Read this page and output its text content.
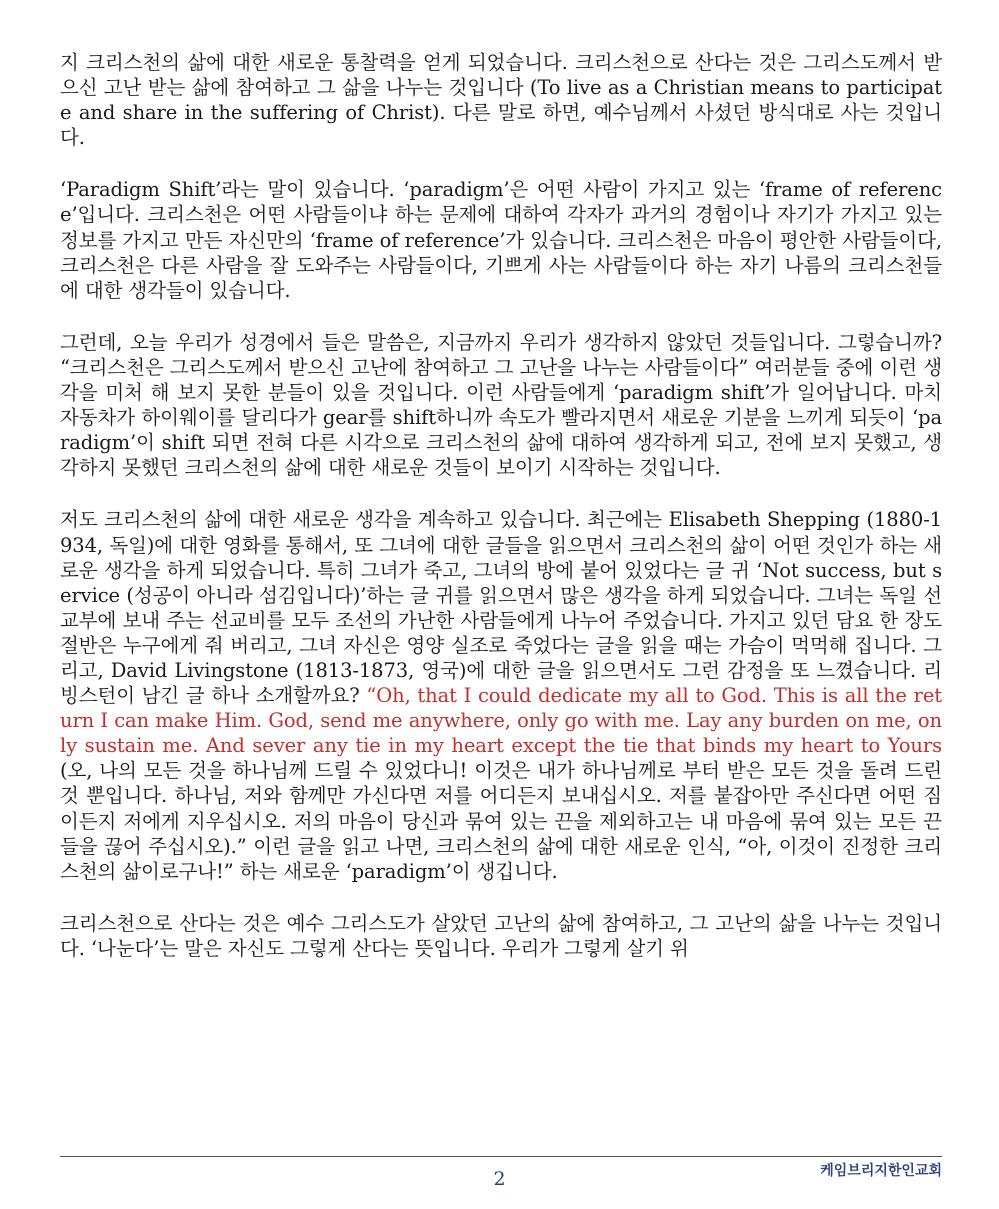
지 크리스천의 삶에 대한 새로운 통찰력을 얻게 되었습니다. 크리스천으로 산다는 것은 그리스도께서 받으신 고난 받는 삶에 참여하고 그 삶을 나누는 것입니다 (To live as a Christian means to participate and share in the suffering of Christ). 다른 말로 하면, 예수님께서 사셨던 방식대로 사는 것입니다.

‘Paradigm Shift’라는 말이 있습니다. ‘paradigm’은 어떤 사람이 가지고 있는 ‘frame of reference’입니다. 크리스천은 어떤 사람들이냐 하는 문제에 대하여 각자가 과거의 경험이나 자기가 가지고 있는 정보를 가지고 만든 자신만의 ‘frame of reference’가 있습니다. 크리스천은 마음이 평안한 사람들이다, 크리스천은 다른 사람을 잘 도와주는 사람들이다, 기쁘게 사는 사람들이다 하는 자기 나름의 크리스천들에 대한 생각들이 있습니다.

그런데, 오늘 우리가 성경에서 들은 말씀은, 지금까지 우리가 생각하지 않았던 것들입니다. 그렇습니까? “크리스천은 그리스도께서 받으신 고난에 참여하고 그 고난을 나누는 사람들이다” 여러분들 중에 이런 생각을 미처 해 보지 못한 분들이 있을 것입니다. 이런 사람들에게 ‘paradigm shift’가 일어납니다. 마치 자동차가 하이웨이를 달리다가 gear를 shift하니까 속도가 빨라지면서 새로운 기분을 느끼게 되듯이 ‘paradigm’이 shift 되면 전혀 다른 시각으로 크리스천의 삶에 대하여 생각하게 되고, 전에 보지 못했고, 생각하지 못했던 크리스천의 삶에 대한 새로운 것들이 보이기 시작하는 것입니다.

저도 크리스천의 삶에 대한 새로운 생각을 계속하고 있습니다. 최근에는 Elisabeth Shepping (1880-1934, 독일)에 대한 영화를 통해서, 또 그녀에 대한 글들을 읽으면서 크리스천의 삶이 어떤 것인가 하는 새로운 생각을 하게 되었습니다. 특히 그녀가 죽고, 그녀의 방에 붙어 있었다는 글 귀 ‘Not success, but service (성공이 아니라 섬김입니다)’하는 글 귀를 읽으면서 많은 생각을 하게 되었습니다. 그녀는 독일 선교부에 보내 주는 선교비를 모두 조선의 가난한 사람들에게 나누어 주었습니다. 가지고 있던 담요 한 장도 절반은 누구에게 줘 버리고, 그녀 자신은 영양 실조로 죽었다는 글을 읽을 때는 가슴이 먹먹해 집니다. 그리고, David Livingstone (1813-1873, 영국)에 대한 글을 읽으면서도 그런 감정을 또 느꼈습니다. 리빙스턴이 남긴 글 하나 소개할까요? “Oh, that I could dedicate my all to God. This is all the return I can make Him. God, send me anywhere, only go with me. Lay any burden on me, only sustain me. And sever any tie in my heart except the tie that binds my heart to Yours (오, 나의 모든 것을 하나님께 드릴 수 있었다니! 이것은 내가 하나님께로 부터 받은 모든 것을 돌려 드린 것 뿐입니다. 하나님, 저와 함께만 가신다면 저를 어디든지 보내십시오. 저를 붙잡아만 주신다면 어떤 짐이든지 저에게 지우십시오. 저의 마음이 당신과 묶여 있는 끈을 제외하고는 내 마음에 묶여 있는 모든 끈들을 끊어 주십시오).” 이런 글을 읽고 나면, 크리스천의 삶에 대한 새로운 인식, “아, 이것이 진정한 크리스천의 삶이로구나!” 하는 새로운 ‘paradigm’이 생깁니다.

크리스천으로 산다는 것은 예수 그리스도가 살았던 고난의 삶에 참여하고, 그 고난의 삶을 나누는 것입니다. ‘나눈다’는 말은 자신도 그렇게 산다는 뜻입니다. 우리가 그렇게 살기 위

2	케임브리지한인교회
